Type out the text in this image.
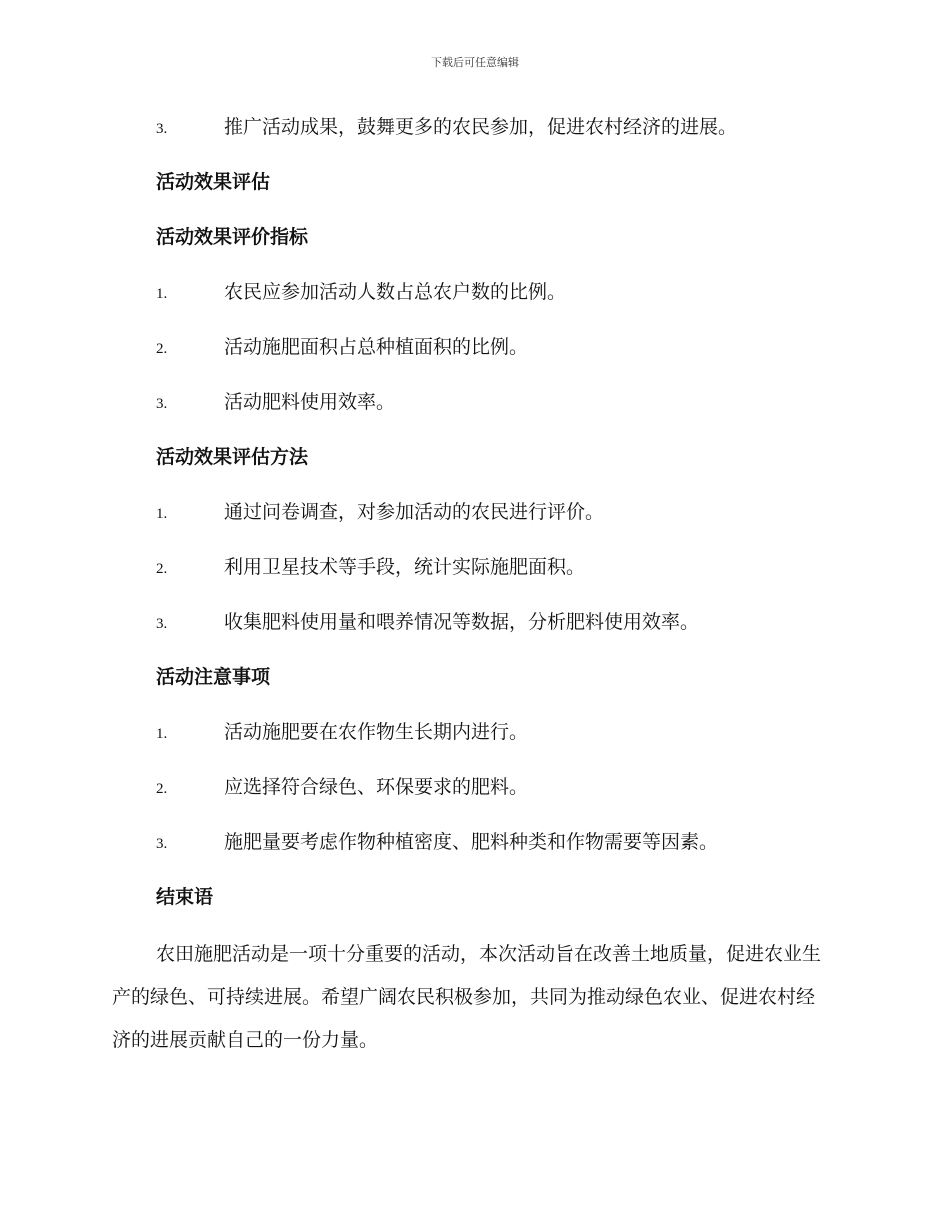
下载后可任意编辑
3.	推广活动成果，鼓舞更多的农民参加，促进农村经济的进展。
活动效果评估
活动效果评价指标
1.	农民应参加活动人数占总农户数的比例。
2.	活动施肥面积占总种植面积的比例。
3.	活动肥料使用效率。
活动效果评估方法
1.	通过问卷调查，对参加活动的农民进行评价。
2.	利用卫星技术等手段，统计实际施肥面积。
3.	收集肥料使用量和喂养情况等数据，分析肥料使用效率。
活动注意事项
1.	活动施肥要在农作物生长期内进行。
2.	应选择符合绿色、环保要求的肥料。
3.	施肥量要考虑作物种植密度、肥料种类和作物需要等因素。
结束语
农田施肥活动是一项十分重要的活动，本次活动旨在改善土地质量，促进农业生产的绿色、可持续进展。希望广阔农民积极参加，共同为推动绿色农业、促进农村经济的进展贡献自己的一份力量。
